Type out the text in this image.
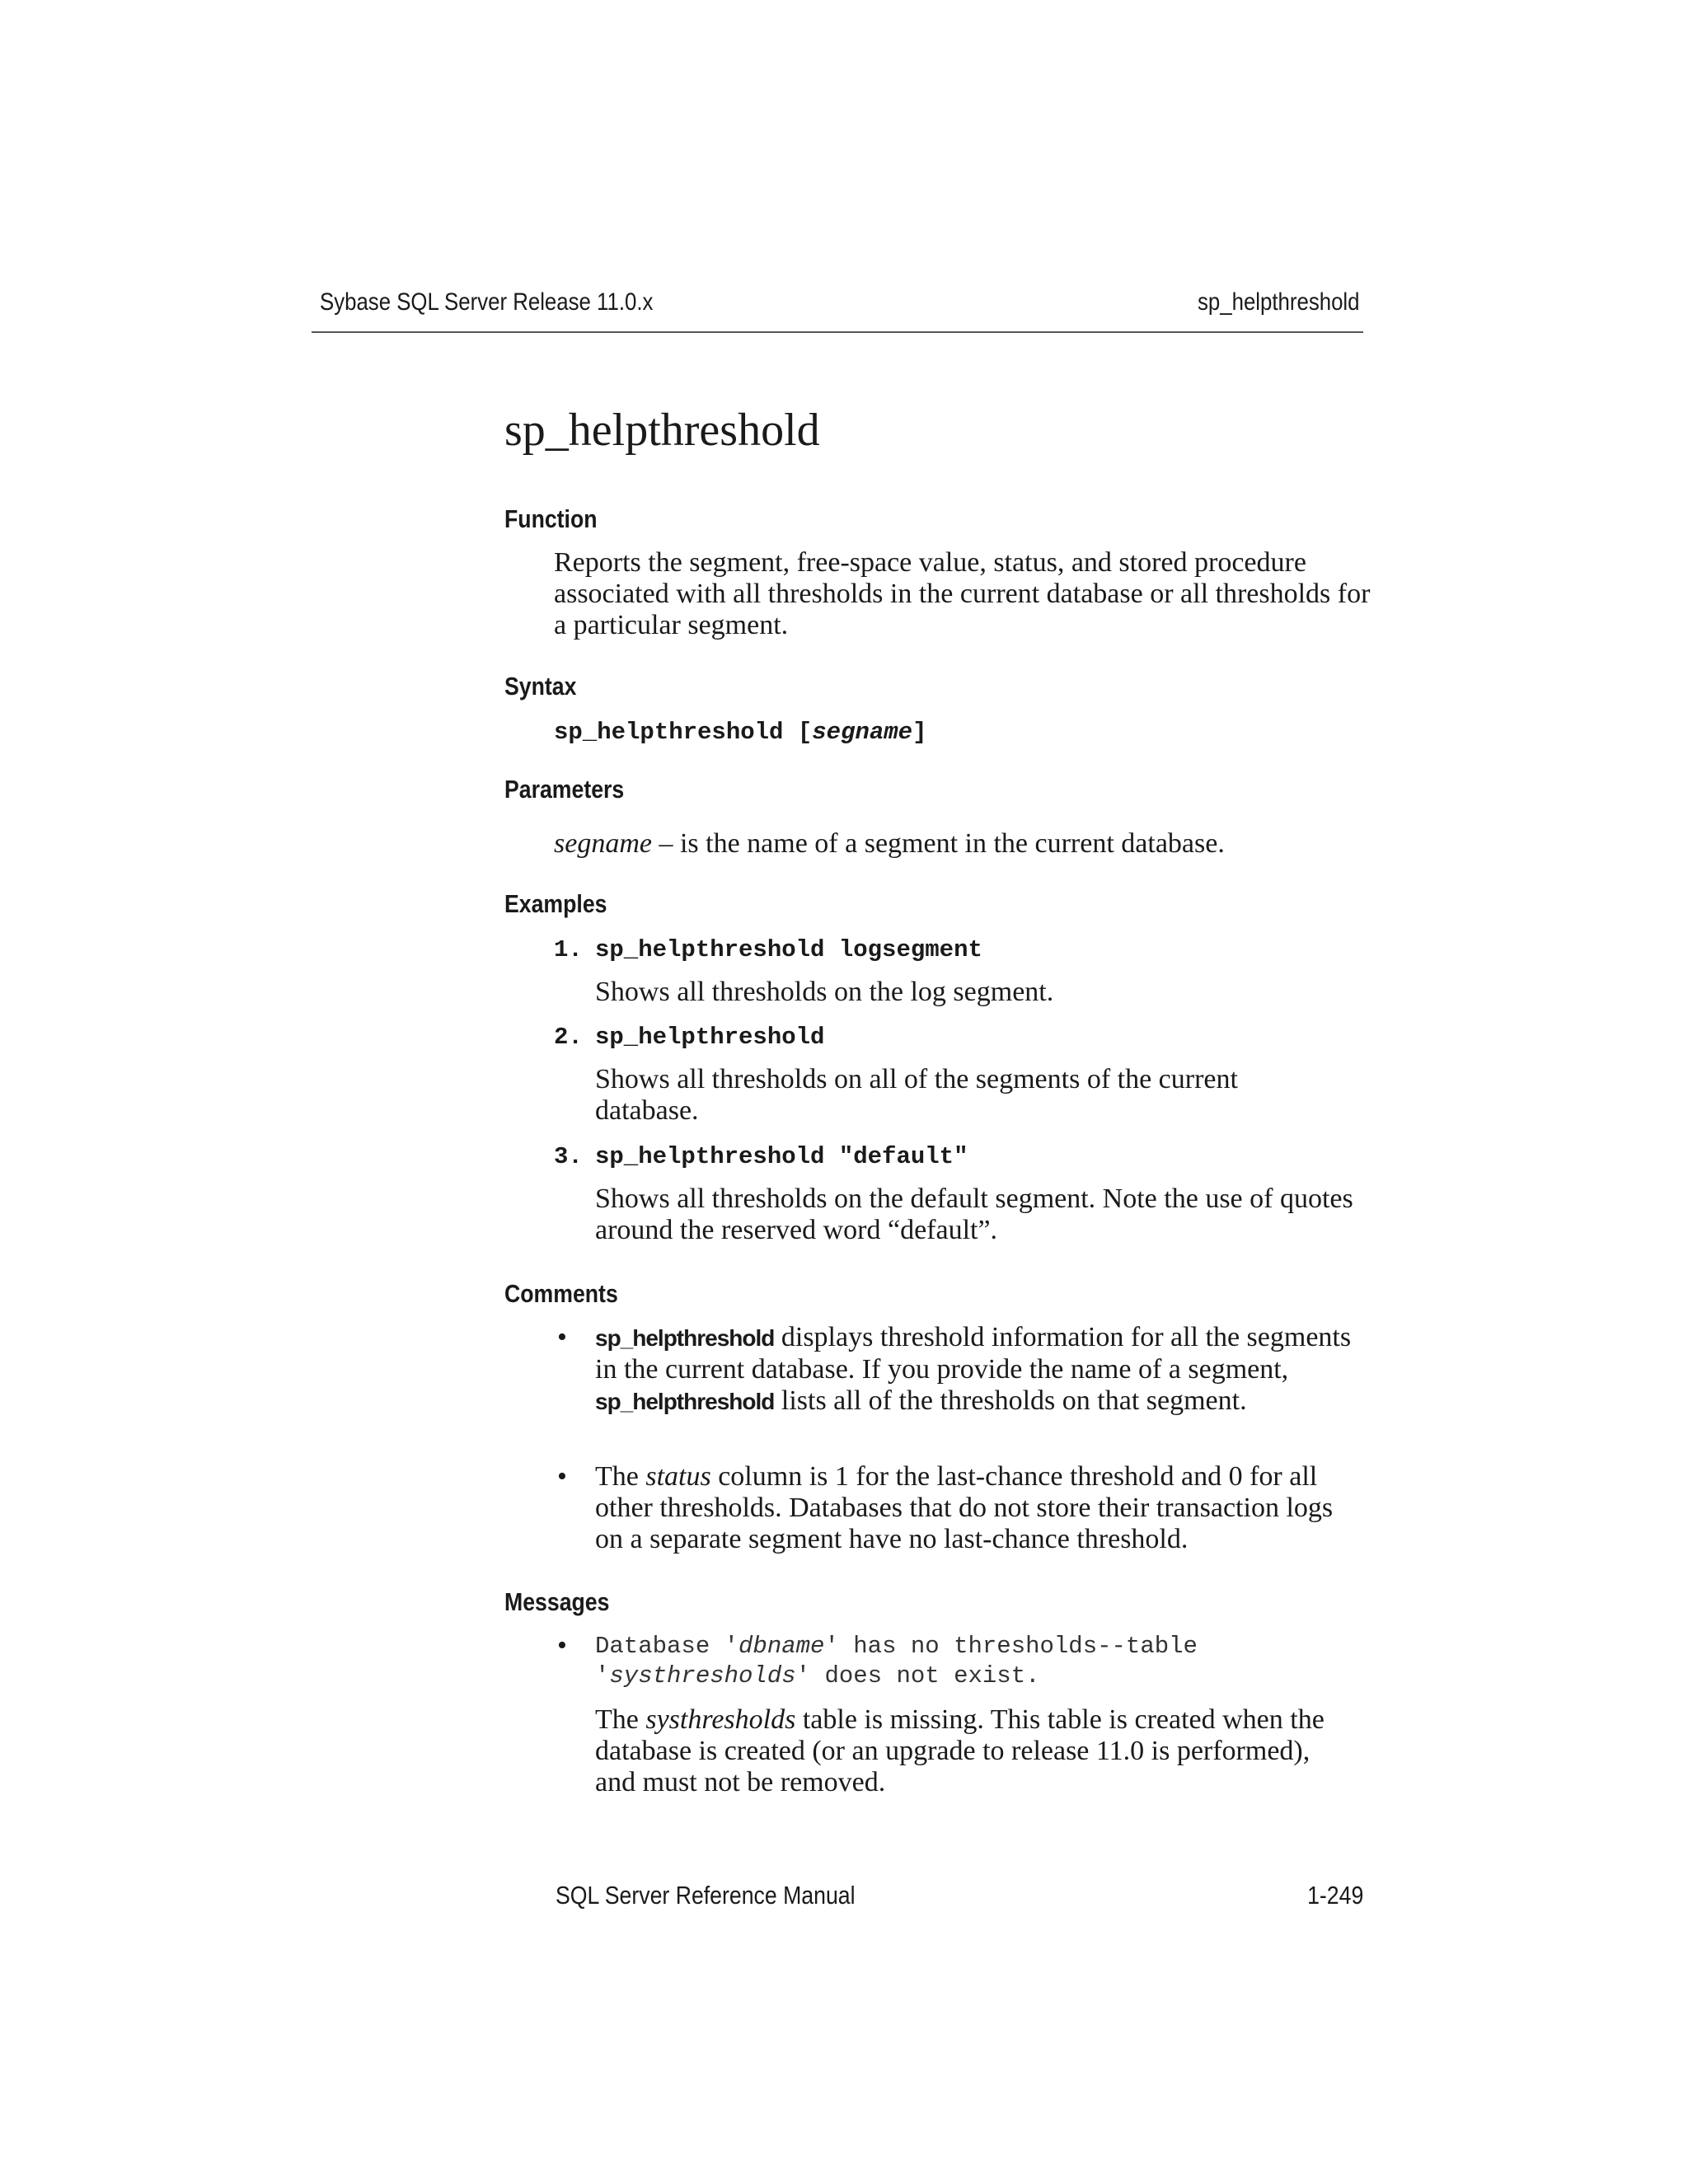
Sybase SQL Server Release 11.0.x	sp_helpthreshold
sp_helpthreshold
Function
Reports the segment, free-space value, status, and stored procedure associated with all thresholds in the current database or all thresholds for a particular segment.
Syntax
sp_helpthreshold [segname]
Parameters
segname – is the name of a segment in the current database.
Examples
1. sp_helpthreshold logsegment
Shows all thresholds on the log segment.
2. sp_helpthreshold
Shows all thresholds on all of the segments of the current database.
3. sp_helpthreshold "default"
Shows all thresholds on the default segment. Note the use of quotes around the reserved word “default”.
Comments
• sp_helpthreshold displays threshold information for all the segments in the current database. If you provide the name of a segment, sp_helpthreshold lists all of the thresholds on that segment.
• The status column is 1 for the last-chance threshold and 0 for all other thresholds. Databases that do not store their transaction logs on a separate segment have no last-chance threshold.
Messages
• Database 'dbname' has no thresholds--table
'systhresholds' does not exist.
The systhresholds table is missing. This table is created when the database is created (or an upgrade to release 11.0 is performed), and must not be removed.
SQL Server Reference Manual	1-249
